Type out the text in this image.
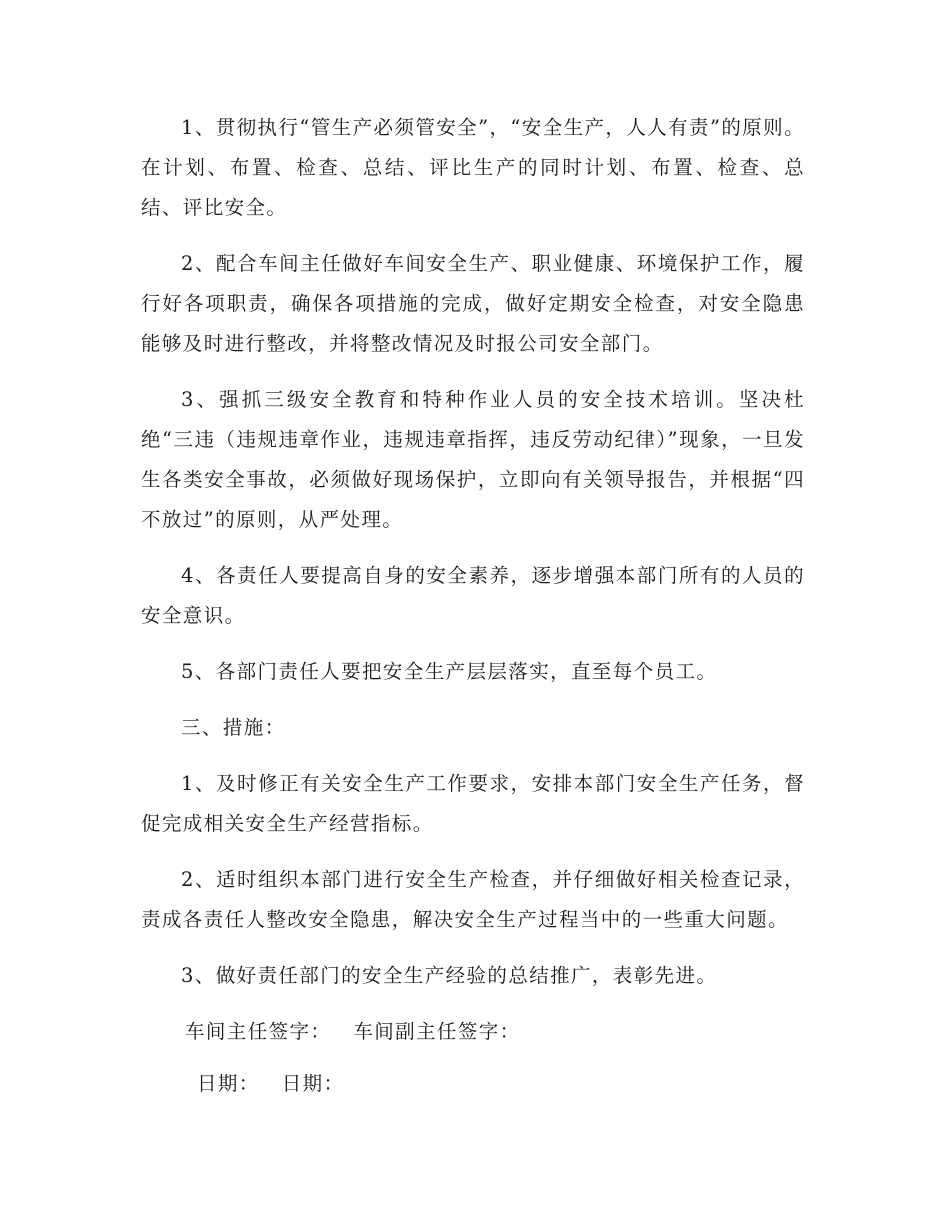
1、贯彻执行“管生产必须管安全”，“安全生产，人人有责”的原则。在计划、布置、检查、总结、评比生产的同时计划、布置、检查、总结、评比安全。

2、配合车间主任做好车间安全生产、职业健康、环境保护工作，履行好各项职责，确保各项措施的完成，做好定期安全检查，对安全隐患能够及时进行整改，并将整改情况及时报公司安全部门。

3、强抓三级安全教育和特种作业人员的安全技术培训。坚决杜绝“三违（违规违章作业，违规违章指挥，违反劳动纪律）”现象，一旦发生各类安全事故，必须做好现场保护，立即向有关领导报告，并根据“四不放过”的原则，从严处理。

4、各责任人要提高自身的安全素养，逐步增强本部门所有的人员的安全意识。

5、各部门责任人要把安全生产层层落实，直至每个员工。

三、措施：

1、及时修正有关安全生产工作要求，安排本部门安全生产任务，督促完成相关安全生产经营指标。

2、适时组织本部门进行安全生产检查，并仔细做好相关检查记录，责成各责任人整改安全隐患，解决安全生产过程当中的一些重大问题。

3、做好责任部门的安全生产经验的总结推广，表彰先进。

车间主任签字： 车间副主任签字：
日期： 日期：
